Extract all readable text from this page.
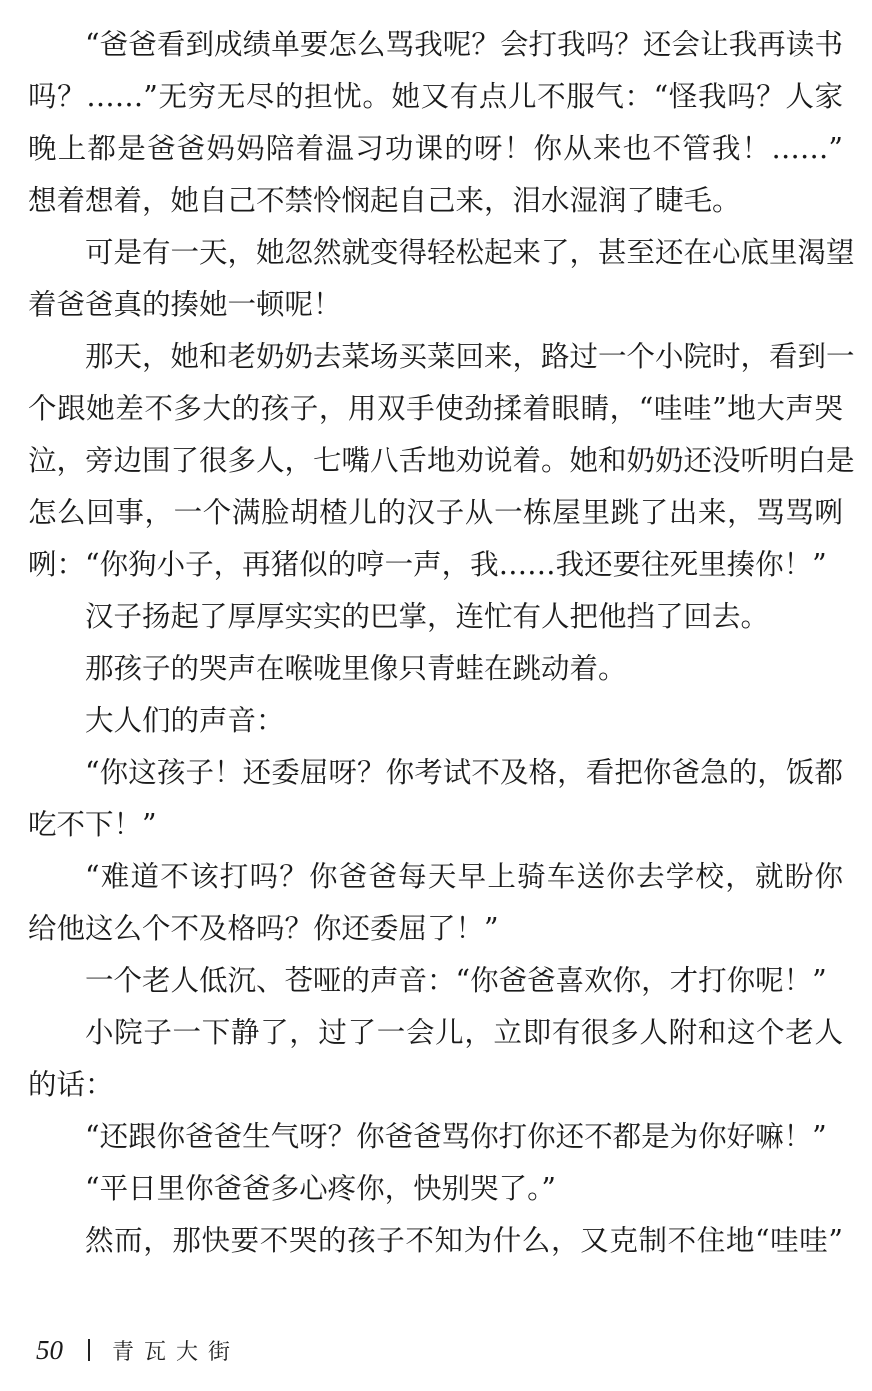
“爸爸看到成绩单要怎么骂我呢？会打我吗？还会让我再读书
吗？……”无穷无尽的担忧。她又有点儿不服气：“怪我吗？人家
晚上都是爸爸妈妈陪着温习功课的呀！你从来也不管我！……”
想着想着，她自己不禁怜悯起自己来，泪水湿润了睫毛。
可是有一天，她忽然就变得轻松起来了，甚至还在心底里渴望
着爸爸真的揍她一顿呢！
那天，她和老奶奶去菜场买菜回来，路过一个小院时，看到一
个跟她差不多大的孩子，用双手使劲揉着眼睛，“哇哇”地大声哭
泣，旁边围了很多人，七嘴八舌地劝说着。她和奶奶还没听明白是
怎么回事，一个满脸胡楂儿的汉子从一栋屋里跳了出来，骂骂咧
咧：“你狗小子，再猪似的哼一声，我……我还要往死里揍你！”
汉子扬起了厚厚实实的巴掌，连忙有人把他挡了回去。
那孩子的哭声在喉咙里像只青蛙在跳动着。
大人们的声音：
“你这孩子！还委屈呀？你考试不及格，看把你爸急的，饭都
吃不下！”
“难道不该打吗？你爸爸每天早上骑车送你去学校，就盼你
给他这么个不及格吗？你还委屈了！”
一个老人低沉、苍哑的声音：“你爸爸喜欢你，才打你呢！”
小院子一下静了，过了一会儿，立即有很多人附和这个老人
的话：
“还跟你爸爸生气呀？你爸爸骂你打你还不都是为你好嘛！”
“平日里你爸爸多心疼你，快别哭了。”
然而，那快要不哭的孩子不知为什么，又克制不住地“哇哇”
50	青瓦大街
